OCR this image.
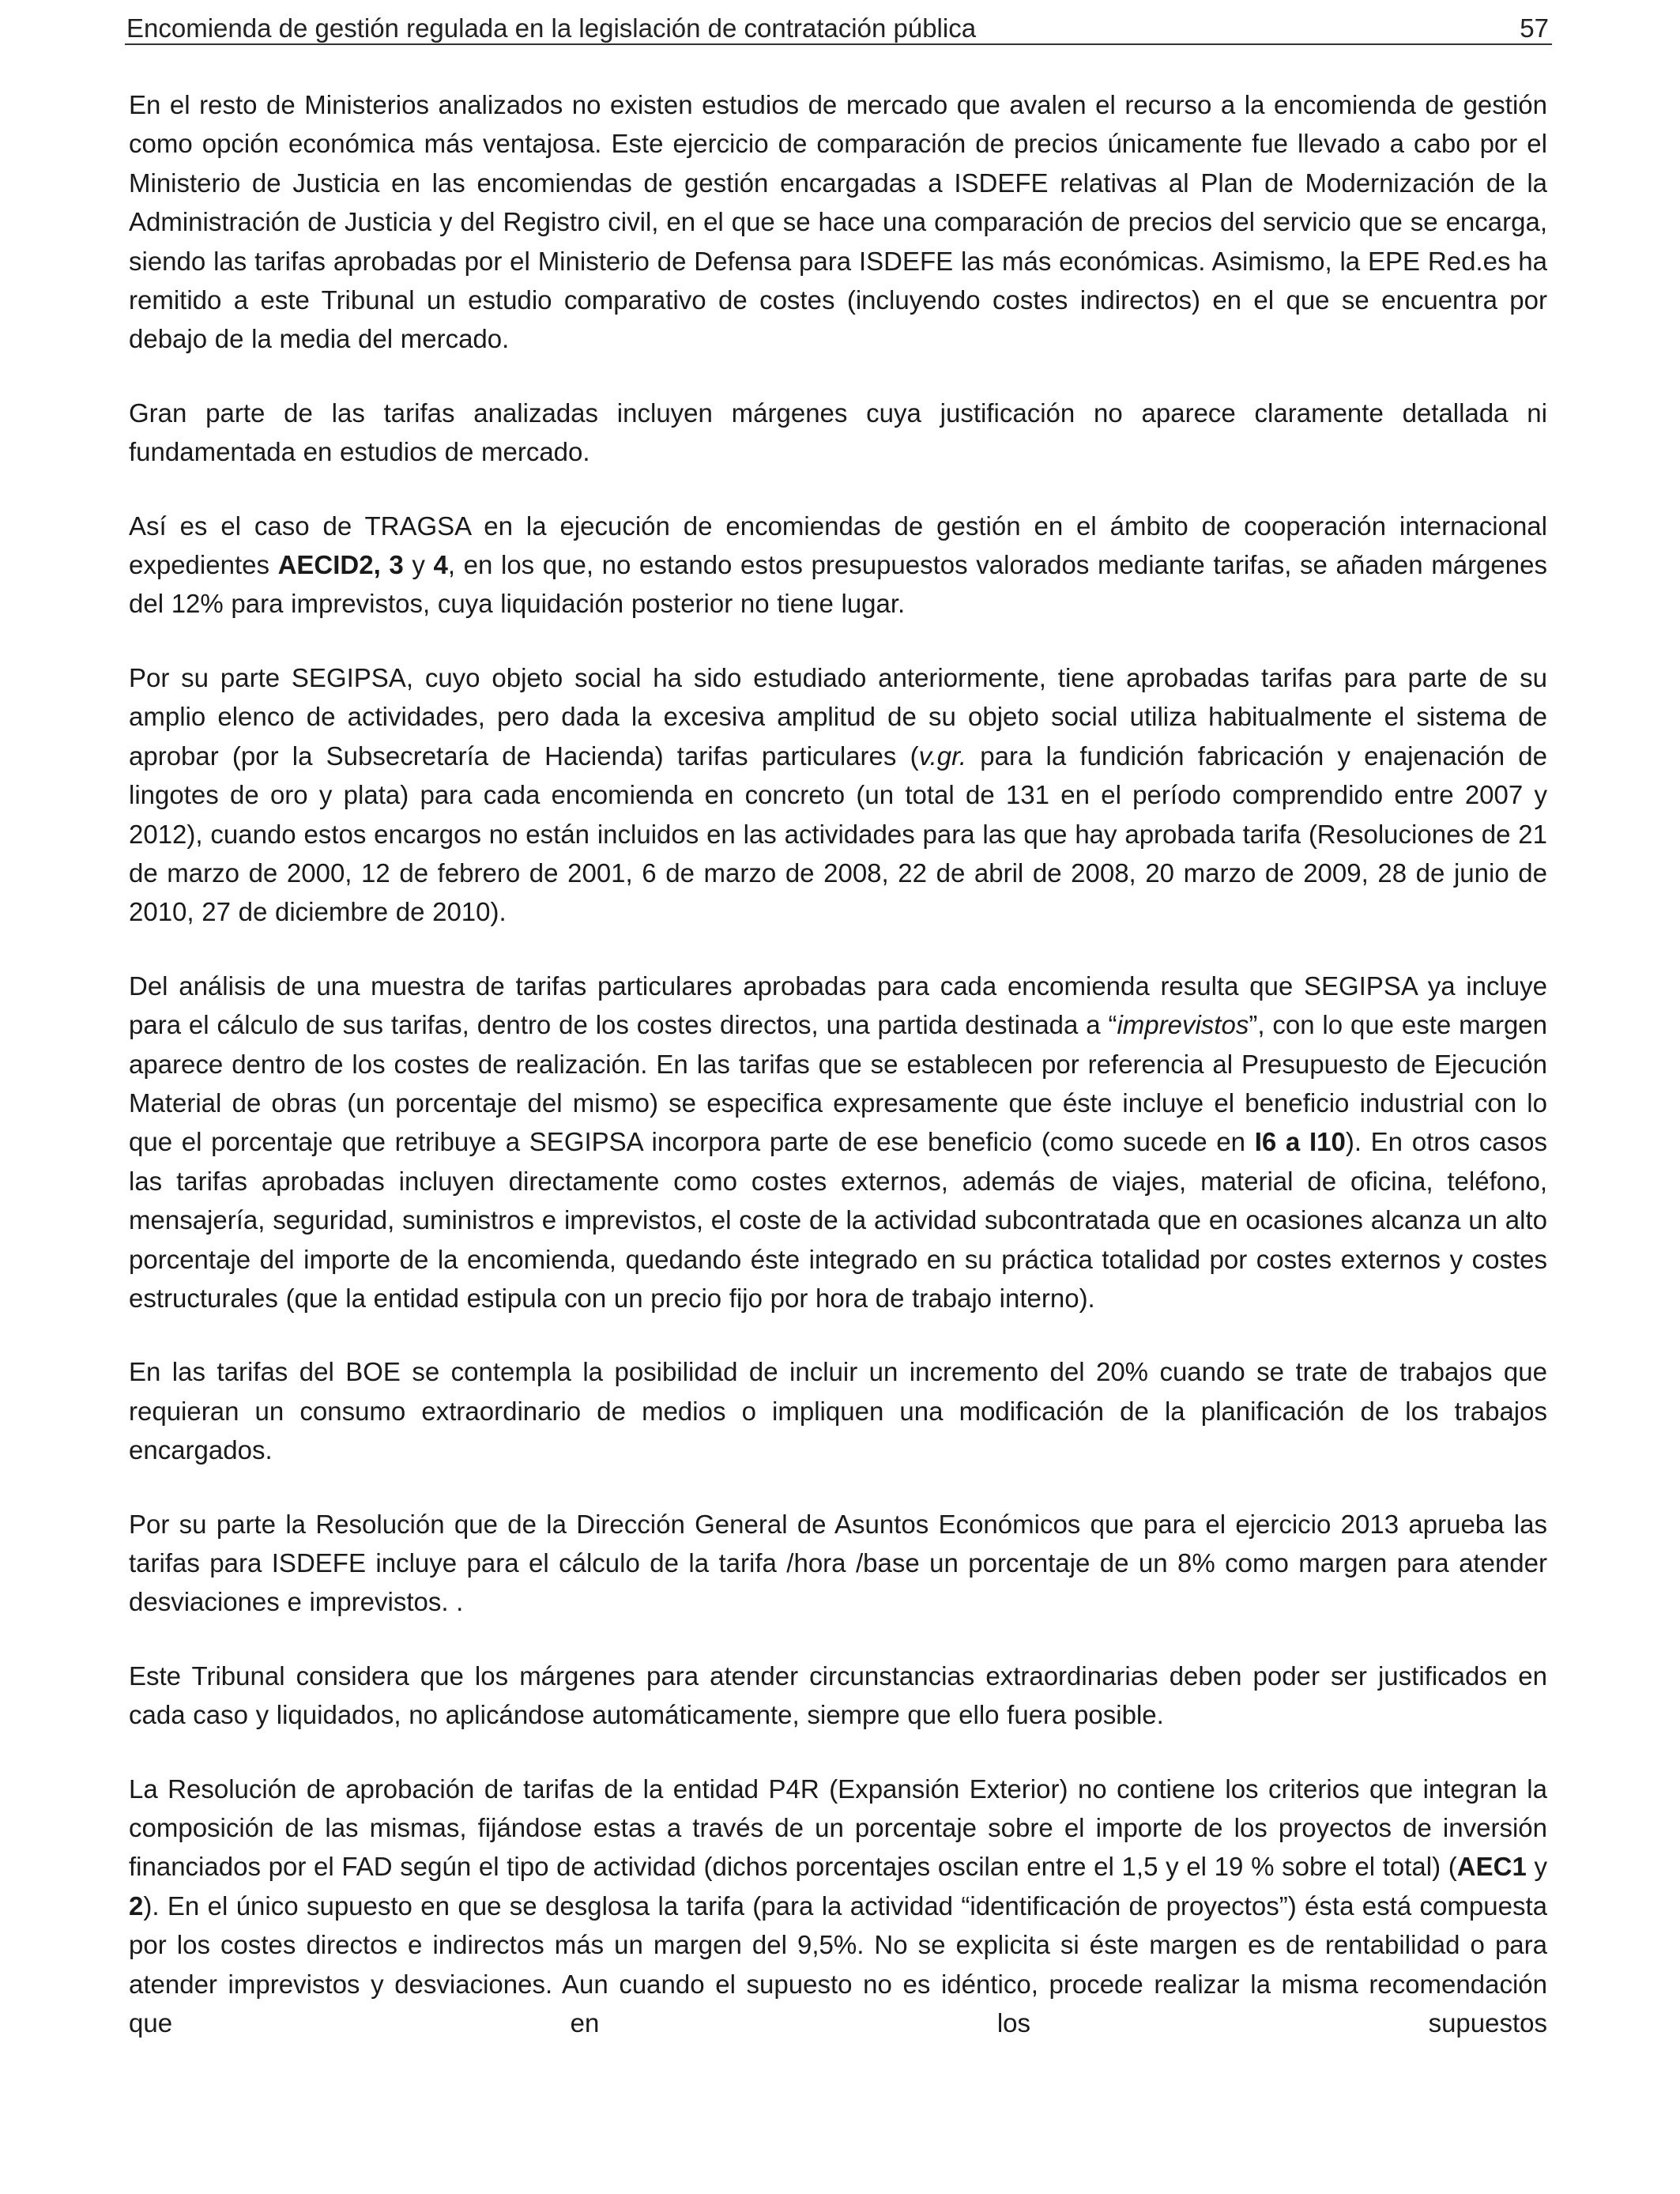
Encomienda de gestión regulada en la legislación de contratación pública	57

En el resto de Ministerios analizados no existen estudios de mercado que avalen el recurso a la encomienda de gestión como opción económica más ventajosa. Este ejercicio de comparación de precios únicamente fue llevado a cabo por el Ministerio de Justicia en las encomiendas de gestión encargadas a ISDEFE relativas al Plan de Modernización de la Administración de Justicia y del Registro civil, en el que se hace una comparación de precios del servicio que se encarga, siendo las tarifas aprobadas por el Ministerio de Defensa para ISDEFE las más económicas. Asimismo, la EPE Red.es ha remitido a este Tribunal un estudio comparativo de costes (incluyendo costes indirectos) en el que se encuentra por debajo de la media del mercado.

Gran parte de las tarifas analizadas incluyen márgenes cuya justificación no aparece claramente detallada ni fundamentada en estudios de mercado.

Así es el caso de TRAGSA en la ejecución de encomiendas de gestión en el ámbito de cooperación internacional expedientes AECID2, 3 y 4, en los que, no estando estos presupuestos valorados mediante tarifas, se añaden márgenes del 12% para imprevistos, cuya liquidación posterior no tiene lugar.

Por su parte SEGIPSA, cuyo objeto social ha sido estudiado anteriormente, tiene aprobadas tarifas para parte de su amplio elenco de actividades, pero dada la excesiva amplitud de su objeto social utiliza habitualmente el sistema de aprobar (por la Subsecretaría de Hacienda) tarifas particulares (v.gr. para la fundición fabricación y enajenación de lingotes de oro y plata) para cada encomienda en concreto (un total de 131 en el período comprendido entre 2007 y 2012), cuando estos encargos no están incluidos en las actividades para las que hay aprobada tarifa (Resoluciones de 21 de marzo de 2000, 12 de febrero de 2001, 6 de marzo de 2008, 22 de abril de 2008, 20 marzo de 2009, 28 de junio de 2010, 27 de diciembre de 2010).

Del análisis de una muestra de tarifas particulares aprobadas para cada encomienda resulta que SEGIPSA ya incluye para el cálculo de sus tarifas, dentro de los costes directos, una partida destinada a “imprevistos”, con lo que este margen aparece dentro de los costes de realización. En las tarifas que se establecen por referencia al Presupuesto de Ejecución Material de obras (un porcentaje del mismo) se especifica expresamente que éste incluye el beneficio industrial con lo que el porcentaje que retribuye a SEGIPSA incorpora parte de ese beneficio (como sucede en I6 a I10). En otros casos las tarifas aprobadas incluyen directamente como costes externos, además de viajes, material de oficina, teléfono, mensajería, seguridad, suministros e imprevistos, el coste de la actividad subcontratada que en ocasiones alcanza un alto porcentaje del importe de la encomienda, quedando éste integrado en su práctica totalidad por costes externos y costes estructurales (que la entidad estipula con un precio fijo por hora de trabajo interno).

En las tarifas del BOE se contempla la posibilidad de incluir un incremento del 20% cuando se trate de trabajos que requieran un consumo extraordinario de medios o impliquen una modificación de la planificación de los trabajos encargados.

Por su parte la Resolución que de la Dirección General de Asuntos Económicos que para el ejercicio 2013 aprueba las tarifas para ISDEFE incluye para el cálculo de la tarifa /hora /base un porcentaje de un 8% como margen para atender desviaciones e imprevistos. .

Este Tribunal considera que los márgenes para atender circunstancias extraordinarias deben poder ser justificados en cada caso y liquidados, no aplicándose automáticamente, siempre que ello fuera posible.

La Resolución de aprobación de tarifas de la entidad P4R (Expansión Exterior) no contiene los criterios que integran la composición de las mismas, fijándose estas a través de un porcentaje sobre el importe de los proyectos de inversión financiados por el FAD según el tipo de actividad (dichos porcentajes oscilan entre el 1,5 y el 19 % sobre el total) (AEC1 y 2). En el único supuesto en que se desglosa la tarifa (para la actividad “identificación de proyectos”) ésta está compuesta por los costes directos e indirectos más un margen del 9,5%. No se explicita si éste margen es de rentabilidad o para atender imprevistos y desviaciones. Aun cuando el supuesto no es idéntico, procede realizar la misma recomendación que en los supuestos
